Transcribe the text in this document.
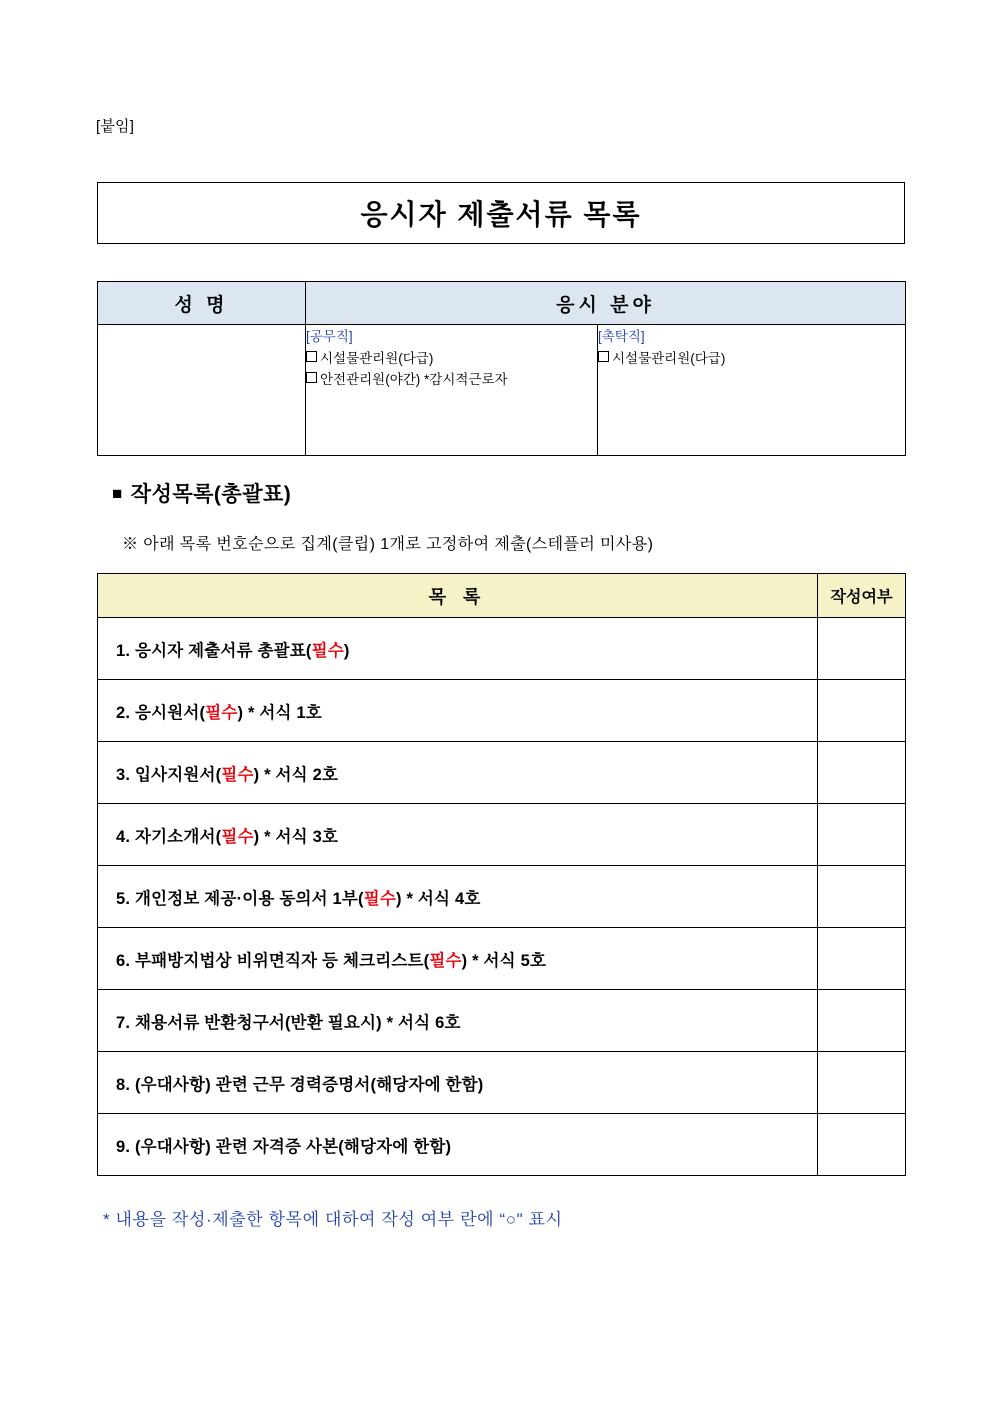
[붙임]
응시자 제출서류 목록
성 명	응시 분야	

[공무직]
시설물관리원(다급)
안전관리원(야간) *감시적근로자

[촉탁직]
시설물관리원(다급)
■ 작성목록(총괄표)
※ 아래 목록 번호순으로 집계(클립) 1개로 고정하여 제출(스테플러 미사용)
목 록	작성여부
1. 응시자 제출서류 총괄표(필수)	
2. 응시원서(필수) * 서식 1호	
3. 입사지원서(필수) * 서식 2호	
4. 자기소개서(필수) * 서식 3호	
5. 개인정보 제공·이용 동의서 1부(필수) * 서식 4호	
6. 부패방지법상 비위면직자 등 체크리스트(필수) * 서식 5호	
7. 채용서류 반환청구서(반환 필요시) * 서식 6호	
8. (우대사항) 관련 근무 경력증명서(해당자에 한함)	
9. (우대사항) 관련 자격증 사본(해당자에 한함)	
* 내용을 작성·제출한 항목에 대하여 작성 여부 란에 “○" 표시
